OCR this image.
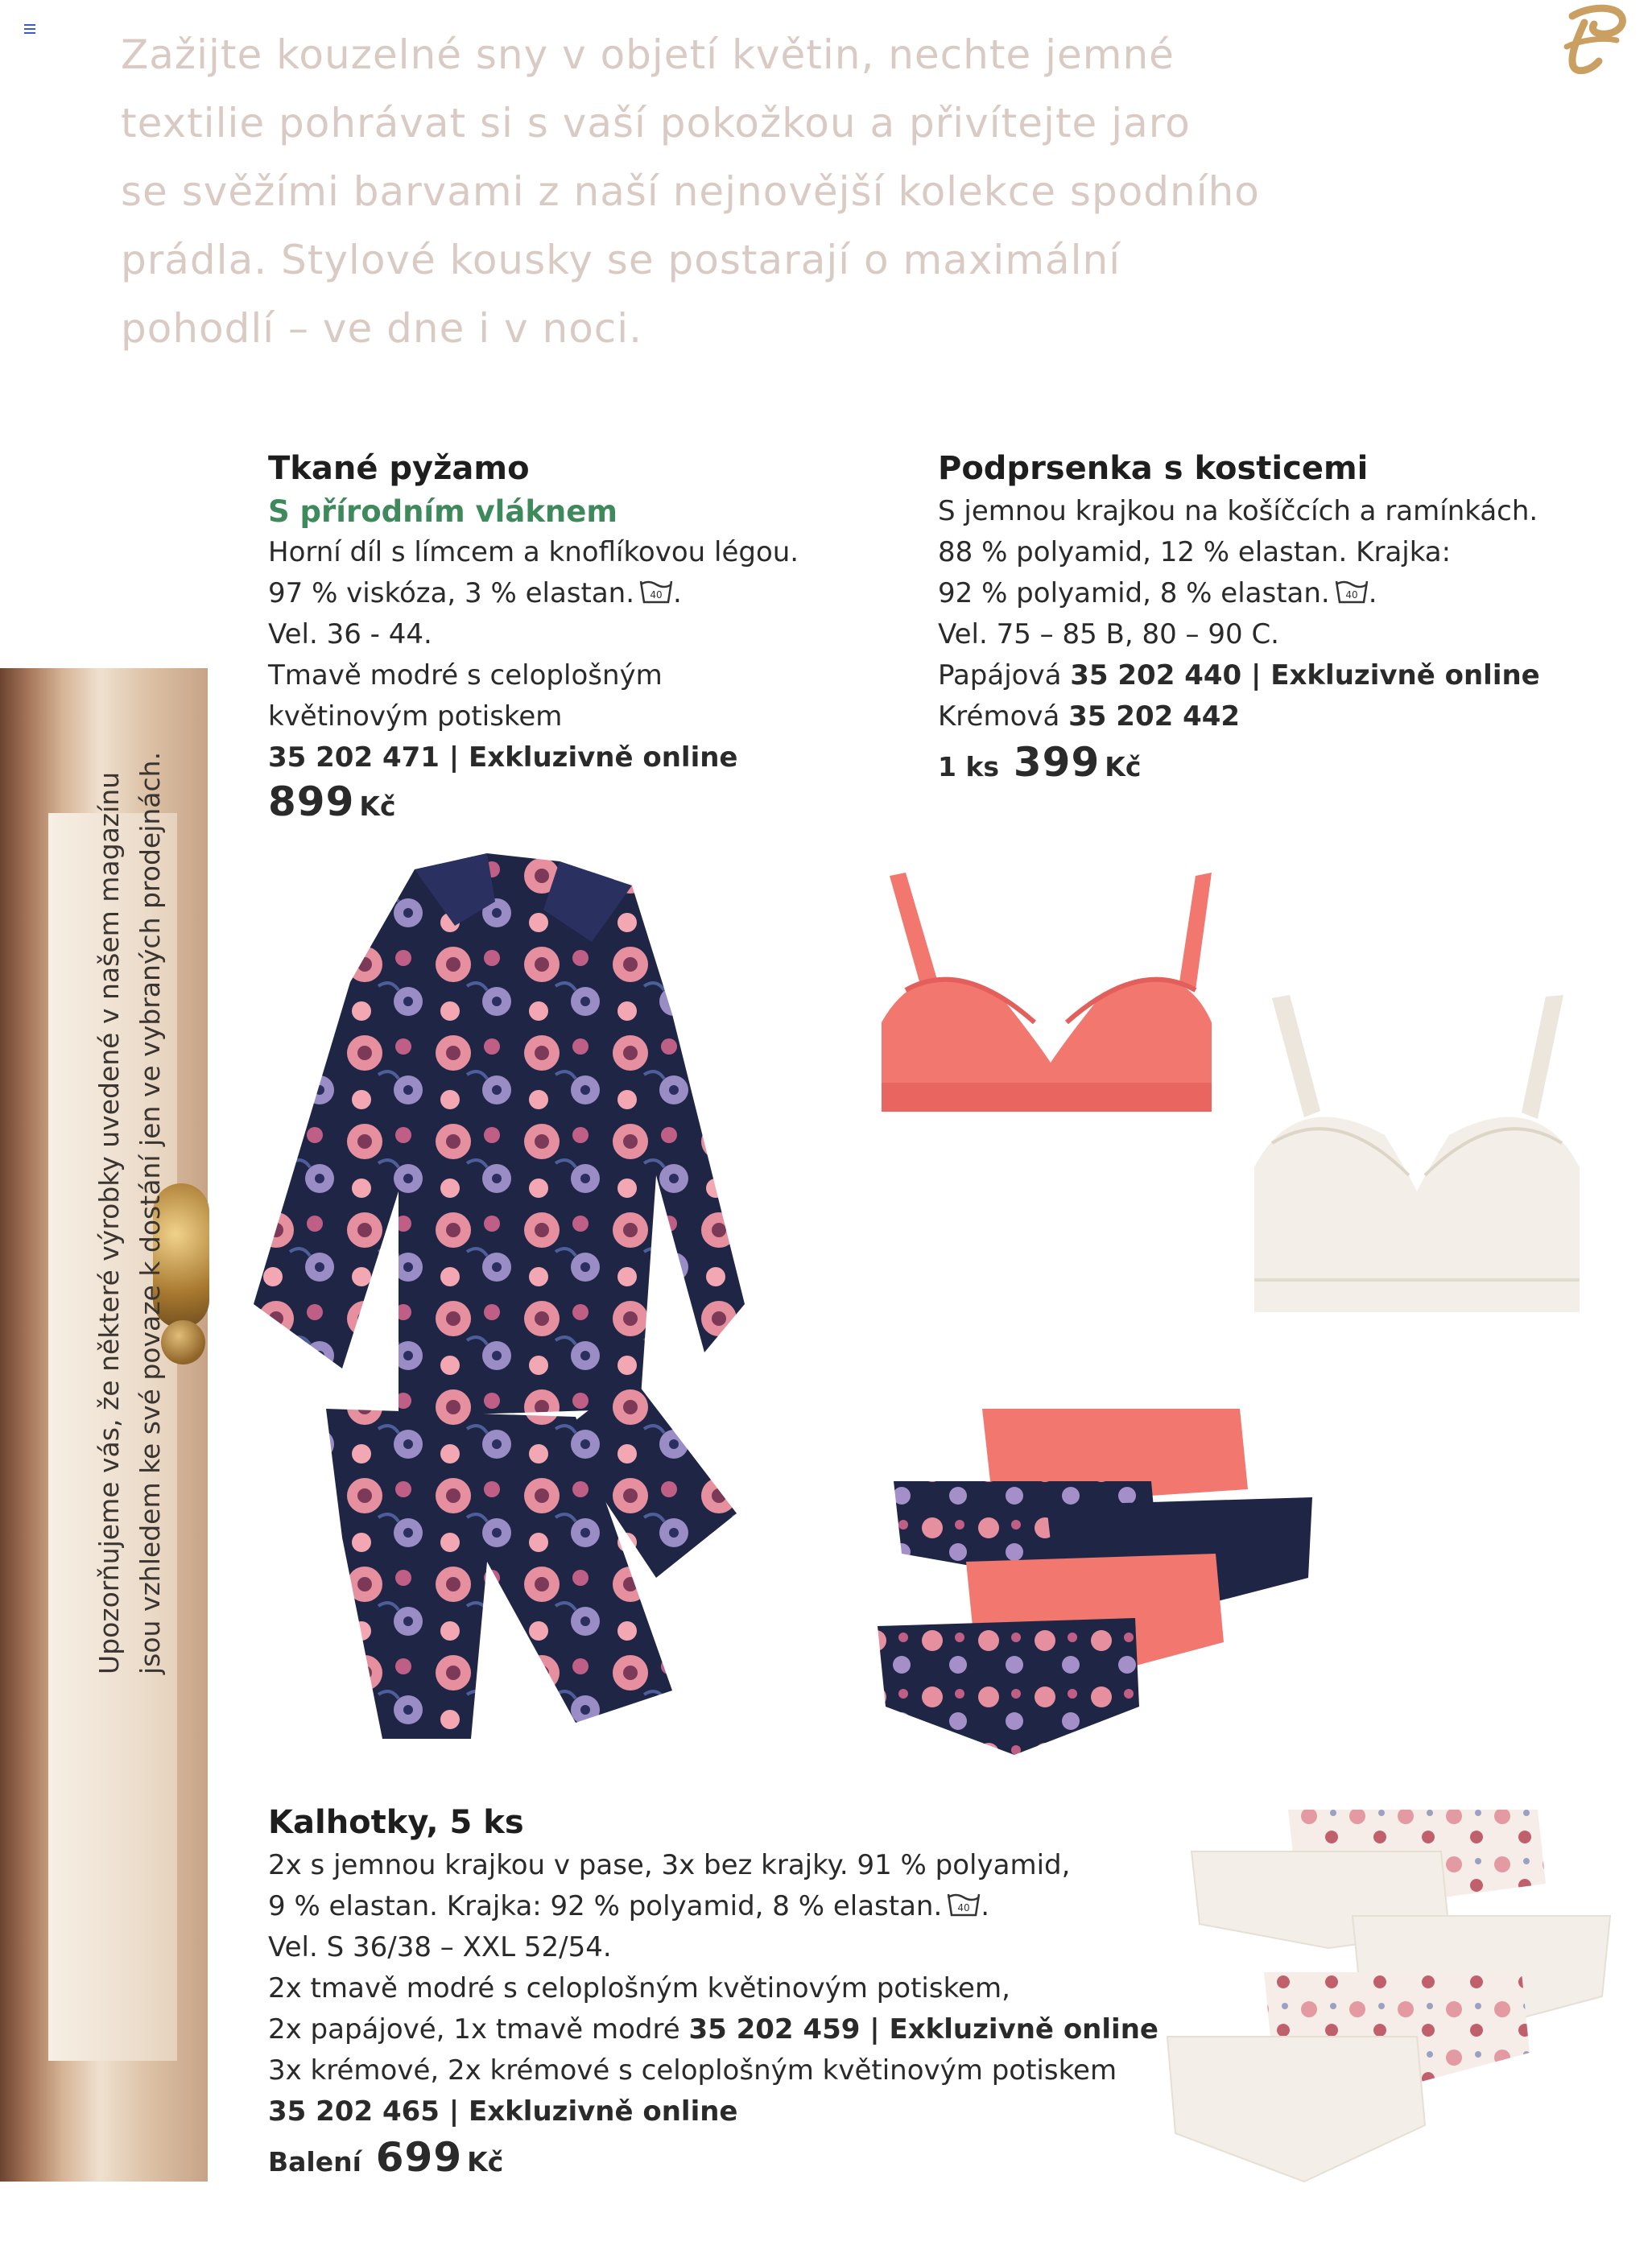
Zažijte kouzelné sny v objetí květin, nechte jemné
textilie pohrávat si s vaší pokožkou a přivítejte jaro
se svěžími barvami z naší nejnovější kolekce spodního
prádla. Stylové kousky se postarají o maximální
pohodlí – ve dne i v noci.
Upozorňujeme vás, že některé výrobky uvedené v našem magazínu jsou vzhledem ke své povaze k dostání jen ve vybraných prodejnách.
Tkané pyžamo
S přírodním vláknem
Horní díl s límcem a knoflíkovou légou.
97 % viskóza, 3 % elastan. 40 .
Vel. 36 - 44.
Tmavě modré s celoplošným
květinovým potiskem
35 202 471 | Exkluzivně online
899 Kč
Podprsenka s kosticemi
S jemnou krajkou na košíčcích a ramínkách.
88 % polyamid, 12 % elastan. Krajka:
92 % polyamid, 8 % elastan. 40 .
Vel. 75 – 85 B, 80 – 90 C.
Papájová 35 202 440 | Exkluzivně online
Krémová 35 202 442
1 ks 399 Kč
Kalhotky, 5 ks
2x s jemnou krajkou v pase, 3x bez krajky. 91 % polyamid,
9 % elastan. Krajka: 92 % polyamid, 8 % elastan. 40 .
Vel. S 36/38 – XXL 52/54.
2x tmavě modré s celoplošným květinovým potiskem,
2x papájové, 1x tmavě modré 35 202 459 | Exkluzivně online
3x krémové, 2x krémové s celoplošným květinovým potiskem
35 202 465 | Exkluzivně online
Balení 699 Kč
